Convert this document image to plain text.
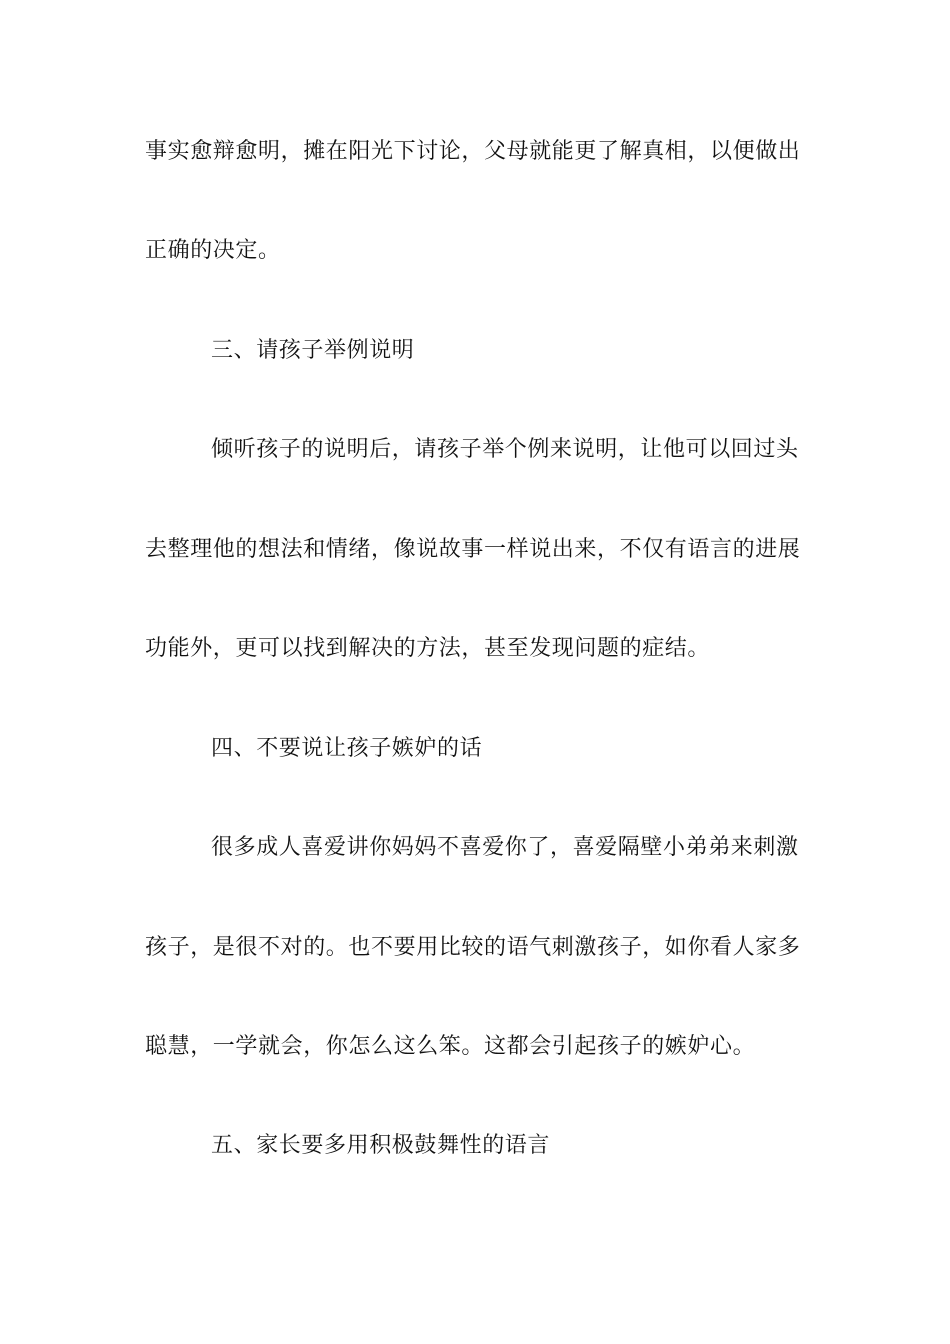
事实愈辩愈明，摊在阳光下讨论，父母就能更了解真相，以便做出
正确的决定。
三、请孩子举例说明
倾听孩子的说明后，请孩子举个例来说明，让他可以回过头
去整理他的想法和情绪，像说故事一样说出来，不仅有语言的进展
功能外，更可以找到解决的方法，甚至发现问题的症结。
四、不要说让孩子嫉妒的话
很多成人喜爱讲你妈妈不喜爱你了，喜爱隔壁小弟弟来刺激
孩子，是很不对的。也不要用比较的语气刺激孩子，如你看人家多
聪慧，一学就会，你怎么这么笨。这都会引起孩子的嫉妒心。
五、家长要多用积极鼓舞性的语言
